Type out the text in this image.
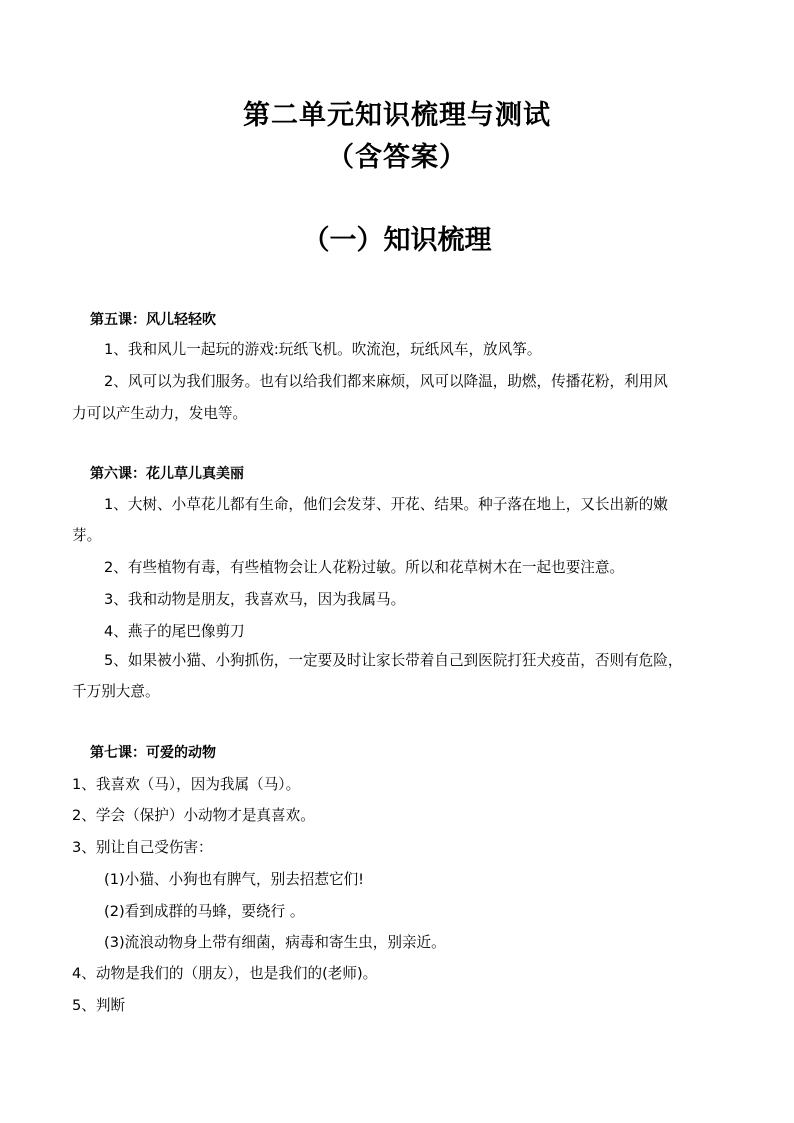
第二单元知识梳理与测试
（含答案）
（一）知识梳理
第五课：风儿轻轻吹
1、我和风儿一起玩的游戏:玩纸飞机。吹流泡，玩纸风车，放风筝。
2、风可以为我们服务。也有以给我们都来麻烦，风可以降温，助燃，传播花粉，利用风
力可以产生动力，发电等。
第六课：花儿草儿真美丽
1、大树、小草花儿都有生命，他们会发芽、开花、结果。种子落在地上，又长出新的嫩
芽。
2、有些植物有毒，有些植物会让人花粉过敏。所以和花草树木在一起也要注意。
3、我和动物是朋友，我喜欢马，因为我属马。
4、燕子的尾巴像剪刀
5、如果被小猫、小狗抓伤，一定要及时让家长带着自己到医院打狂犬疫苗，否则有危险，
千万别大意。
第七课：可爱的动物
1、我喜欢（马），因为我属（马）。
2、学会（保护）小动物才是真喜欢。
3、别让自己受伤害：
(1)小猫、小狗也有脾气，别去招惹它们!
(2)看到成群的马蜂，要绕行 。
(3)流浪动物身上带有细菌，病毒和寄生虫，别亲近。
4、动物是我们的（朋友），也是我们的(老师)。
5、判断
